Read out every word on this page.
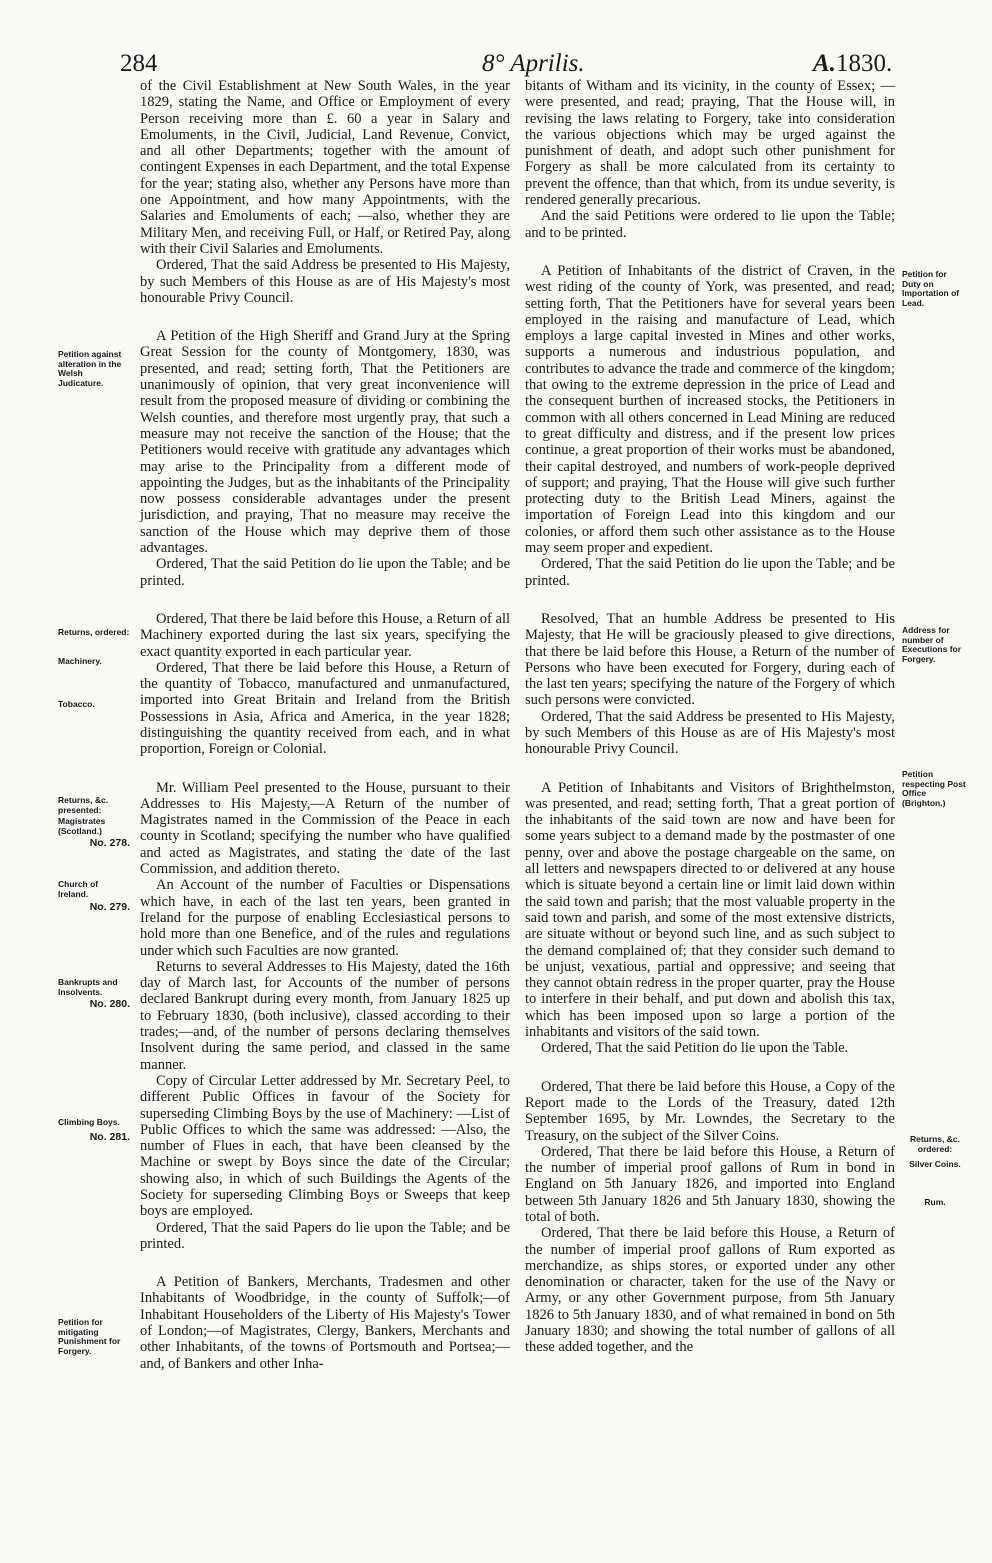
284	8° Aprilis.	A. 1830.

of the Civil Establishment at New South Wales, in the year 1829, stating the Name, and Office or Employment of every Person receiving more than £. 60 a year in Salary and Emoluments, in the Civil, Judicial, Land Revenue, Convict, and all other Departments; together with the amount of contingent Expenses in each Department, and the total Expense for the year; stating also, whether any Persons have more than one Appointment, and how many Appointments, with the Salaries and Emoluments of each; —also, whether they are Military Men, and receiving Full, or Half, or Retired Pay, along with their Civil Salaries and Emoluments.

Ordered, That the said Address be presented to His Majesty, by such Members of this House as are of His Majesty's most honourable Privy Council.

A Petition of the High Sheriff and Grand Jury at the Spring Great Session for the county of Montgomery, 1830, was presented, and read; setting forth, That the Petitioners are unanimously of opinion, that very great inconvenience will result from the proposed measure of dividing or combining the Welsh counties, and therefore most urgently pray, that such a measure may not receive the sanction of the House; that the Petitioners would receive with gratitude any advantages which may arise to the Principality from a different mode of appointing the Judges, but as the inhabitants of the Principality now possess considerable advantages under the present jurisdiction, and praying, That no measure may receive the sanction of the House which may deprive them of those advantages.

Ordered, That the said Petition do lie upon the Table; and be printed.

Ordered, That there be laid before this House, a Return of all Machinery exported during the last six years, specifying the exact quantity exported in each particular year.

Ordered, That there be laid before this House, a Return of the quantity of Tobacco, manufactured and unmanufactured, imported into Great Britain and Ireland from the British Possessions in Asia, Africa and America, in the year 1828; distinguishing the quantity received from each, and in what proportion, Foreign or Colonial.

Mr. William Peel presented to the House, pursuant to their Addresses to His Majesty,—A Return of the number of Magistrates named in the Commission of the Peace in each county in Scotland; specifying the number who have qualified and acted as Magistrates, and stating the date of the last Commission, and addition thereto.

An Account of the number of Faculties or Dispensations which have, in each of the last ten years, been granted in Ireland for the purpose of enabling Ecclesiastical persons to hold more than one Benefice, and of the rules and regulations under which such Faculties are now granted.

Returns to several Addresses to His Majesty, dated the 16th day of March last, for Accounts of the number of persons declared Bankrupt during every month, from January 1825 up to February 1830, (both inclusive), classed according to their trades;—and, of the number of persons declaring themselves Insolvent during the same period, and classed in the same manner.

Copy of Circular Letter addressed by Mr. Secretary Peel, to different Public Offices in favour of the Society for superseding Climbing Boys by the use of Machinery: —List of Public Offices to which the same was addressed: —Also, the number of Flues in each, that have been cleansed by the Machine or swept by Boys since the date of the Circular; showing also, in which of such Buildings the Agents of the Society for superseding Climbing Boys or Sweeps that keep boys are employed.

Ordered, That the said Papers do lie upon the Table; and be printed.

A Petition of Bankers, Merchants, Tradesmen and other Inhabitants of Woodbridge, in the county of Suffolk;—of Inhabitant Householders of the Liberty of His Majesty's Tower of London;—of Magistrates, Clergy, Bankers, Merchants and other Inhabitants, of the towns of Portsmouth and Portsea;—and, of Bankers and other Inha-

bitants of Witham and its vicinity, in the county of Essex; —were presented, and read; praying, That the House will, in revising the laws relating to Forgery, take into consideration the various objections which may be urged against the punishment of death, and adopt such other punishment for Forgery as shall be more calculated from its certainty to prevent the offence, than that which, from its undue severity, is rendered generally precarious.

And the said Petitions were ordered to lie upon the Table; and to be printed.

A Petition of Inhabitants of the district of Craven, in the west riding of the county of York, was presented, and read; setting forth, That the Petitioners have for several years been employed in the raising and manufacture of Lead, which employs a large capital invested in Mines and other works, supports a numerous and industrious population, and contributes to advance the trade and commerce of the kingdom; that owing to the extreme depression in the price of Lead and the consequent burthen of increased stocks, the Petitioners in common with all others concerned in Lead Mining are reduced to great difficulty and distress, and if the present low prices continue, a great proportion of their works must be abandoned, their capital destroyed, and numbers of work-people deprived of support; and praying, That the House will give such further protecting duty to the British Lead Miners, against the importation of Foreign Lead into this kingdom and our colonies, or afford them such other assistance as to the House may seem proper and expedient.

Ordered, That the said Petition do lie upon the Table; and be printed.

Resolved, That an humble Address be presented to His Majesty, that He will be graciously pleased to give directions, that there be laid before this House, a Return of the number of Persons who have been executed for Forgery, during each of the last ten years; specifying the nature of the Forgery of which such persons were convicted.

Ordered, That the said Address be presented to His Majesty, by such Members of this House as are of His Majesty's most honourable Privy Council.

A Petition of Inhabitants and Visitors of Brighthelmston, was presented, and read; setting forth, That a great portion of the inhabitants of the said town are now and have been for some years subject to a demand made by the postmaster of one penny, over and above the postage chargeable on the same, on all letters and newspapers directed to or delivered at any house which is situate beyond a certain line or limit laid down within the said town and parish; that the most valuable property in the said town and parish, and some of the most extensive districts, are situate without or beyond such line, and as such subject to the demand complained of; that they consider such demand to be unjust, vexatious, partial and oppressive; and seeing that they cannot obtain redress in the proper quarter, pray the House to interfere in their behalf, and put down and abolish this tax, which has been imposed upon so large a portion of the inhabitants and visitors of the said town.

Ordered, That the said Petition do lie upon the Table.

Ordered, That there be laid before this House, a Copy of the Report made to the Lords of the Treasury, dated 12th September 1695, by Mr. Lowndes, the Secretary to the Treasury, on the subject of the Silver Coins.

Ordered, That there be laid before this House, a Return of the number of imperial proof gallons of Rum in bond in England on 5th January 1826, and imported into England between 5th January 1826 and 5th January 1830, showing the total of both.

Ordered, That there be laid before this House, a Return of the number of imperial proof gallons of Rum exported as merchandize, as ships stores, or exported under any other denomination or character, taken for the use of the Navy or Army, or any other Government purpose, from 5th January 1826 to 5th January 1830, and of what remained in bond on 5th January 1830; and showing the total number of gallons of all these added together, and the

Petition against alteration in the Welsh Judicature.
Returns, ordered:
Machinery.
Tobacco.
Returns, &c. presented:
Magistrates (Scotland.)
No. 278.
Church of Ireland.
No. 279.
Bankrupts and Insolvents.
No. 280.
Climbing Boys.
No. 281.
Petition for mitigating Punishment for Forgery.
Petition for Duty on Importation of Lead.
Address for number of Executions for Forgery.
Petition respecting Post Office (Brighton.)
Returns, &c. ordered:
Silver Coins.
Rum.
